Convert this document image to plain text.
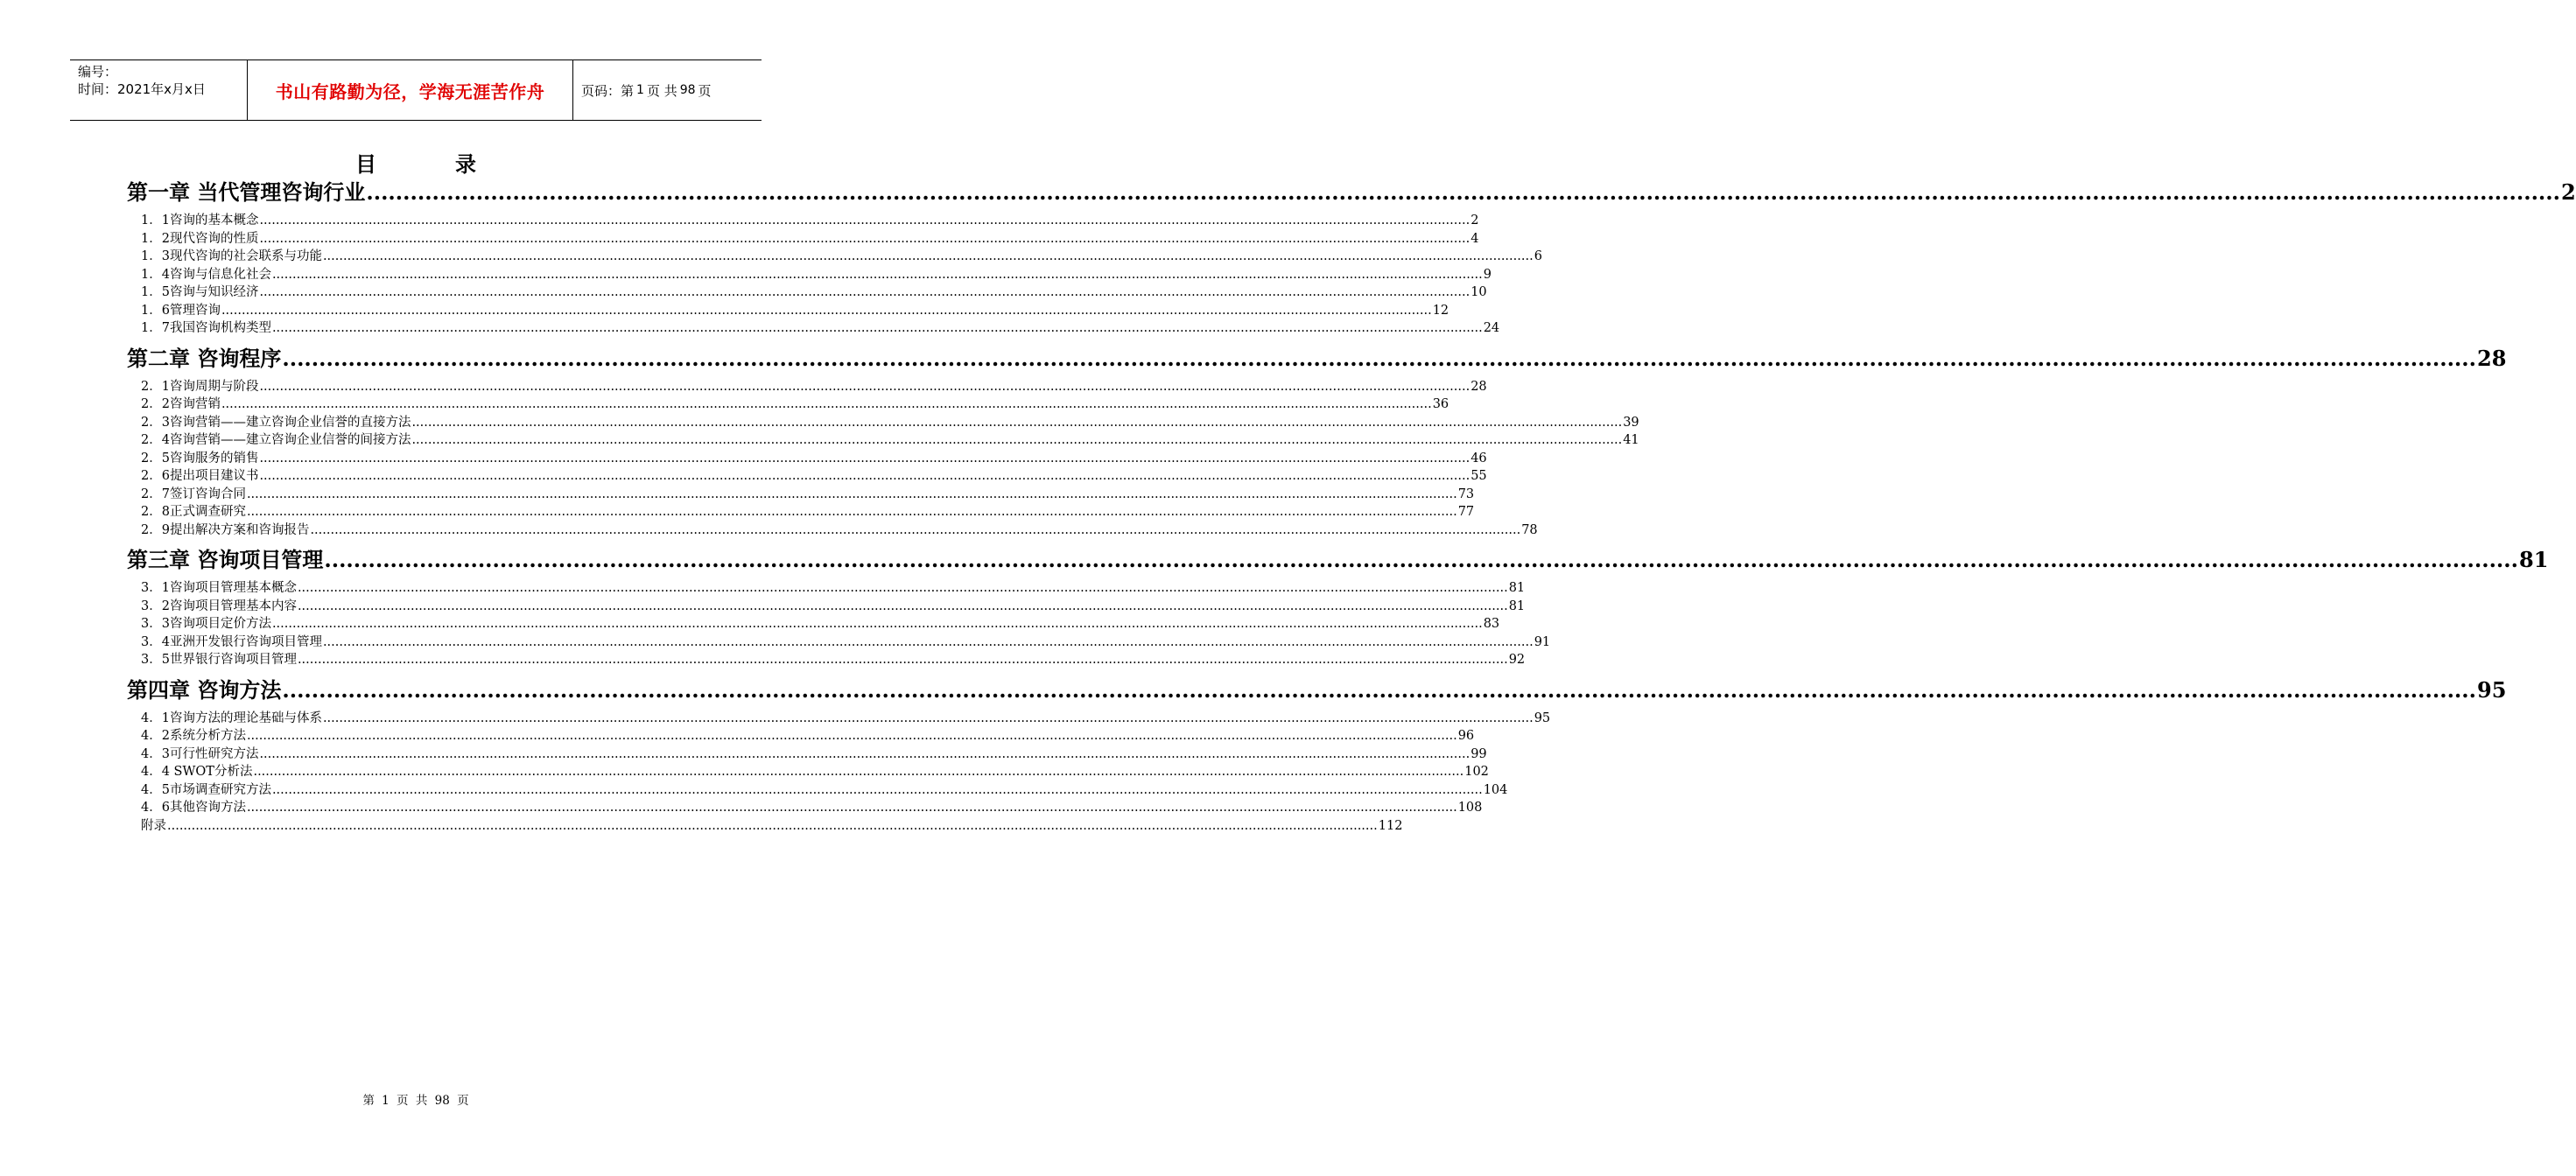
编号：
时间：2021年x月x日	书山有路勤为径，学海无涯苦作舟	页码：第 1 页 共 98 页
目录
第一章 当代管理咨询行业 ............................................................................................................................................................................................................................................................................................................ 2
1．1咨询的基本概念 ............................................................................................................................................................................................................................................................................................................ 2
1．2现代咨询的性质 ............................................................................................................................................................................................................................................................................................................ 4
1．3现代咨询的社会联系与功能 ............................................................................................................................................................................................................................................................................................................ 6
1．4咨询与信息化社会 ............................................................................................................................................................................................................................................................................................................ 9
1．5咨询与知识经济 ............................................................................................................................................................................................................................................................................................................ 10
1．6管理咨询 ............................................................................................................................................................................................................................................................................................................ 12
1．7我国咨询机构类型 ............................................................................................................................................................................................................................................................................................................ 24
第二章 咨询程序 ............................................................................................................................................................................................................................................................................................................ 28
2．1咨询周期与阶段 ............................................................................................................................................................................................................................................................................................................ 28
2．2咨询营销 ............................................................................................................................................................................................................................................................................................................ 36
2．3咨询营销——建立咨询企业信誉的直接方法 ............................................................................................................................................................................................................................................................................................................ 39
2．4咨询营销——建立咨询企业信誉的间接方法 ............................................................................................................................................................................................................................................................................................................ 41
2．5咨询服务的销售 ............................................................................................................................................................................................................................................................................................................ 46
2．6提出项目建议书 ............................................................................................................................................................................................................................................................................................................ 55
2．7签订咨询合同 ............................................................................................................................................................................................................................................................................................................ 73
2．8正式调查研究 ............................................................................................................................................................................................................................................................................................................ 77
2．9提出解决方案和咨询报告 ............................................................................................................................................................................................................................................................................................................ 78
第三章 咨询项目管理 ............................................................................................................................................................................................................................................................................................................ 81
3．1咨询项目管理基本概念 ............................................................................................................................................................................................................................................................................................................ 81
3．2咨询项目管理基本内容 ............................................................................................................................................................................................................................................................................................................ 81
3．3咨询项目定价方法 ............................................................................................................................................................................................................................................................................................................ 83
3．4亚洲开发银行咨询项目管理 ............................................................................................................................................................................................................................................................................................................ 91
3．5世界银行咨询项目管理 ............................................................................................................................................................................................................................................................................................................ 92
第四章 咨询方法 ............................................................................................................................................................................................................................................................................................................ 95
4．1咨询方法的理论基础与体系 ............................................................................................................................................................................................................................................................................................................ 95
4．2系统分析方法 ............................................................................................................................................................................................................................................................................................................ 96
4．3可行性研究方法 ............................................................................................................................................................................................................................................................................................................ 99
4．4 SWOT分析法 ............................................................................................................................................................................................................................................................................................................ 102
4．5市场调查研究方法 ............................................................................................................................................................................................................................................................................................................ 104
4．6其他咨询方法 ............................................................................................................................................................................................................................................................................................................ 108
附录 ............................................................................................................................................................................................................................................................................................................ 112
第 1 页 共 98 页
